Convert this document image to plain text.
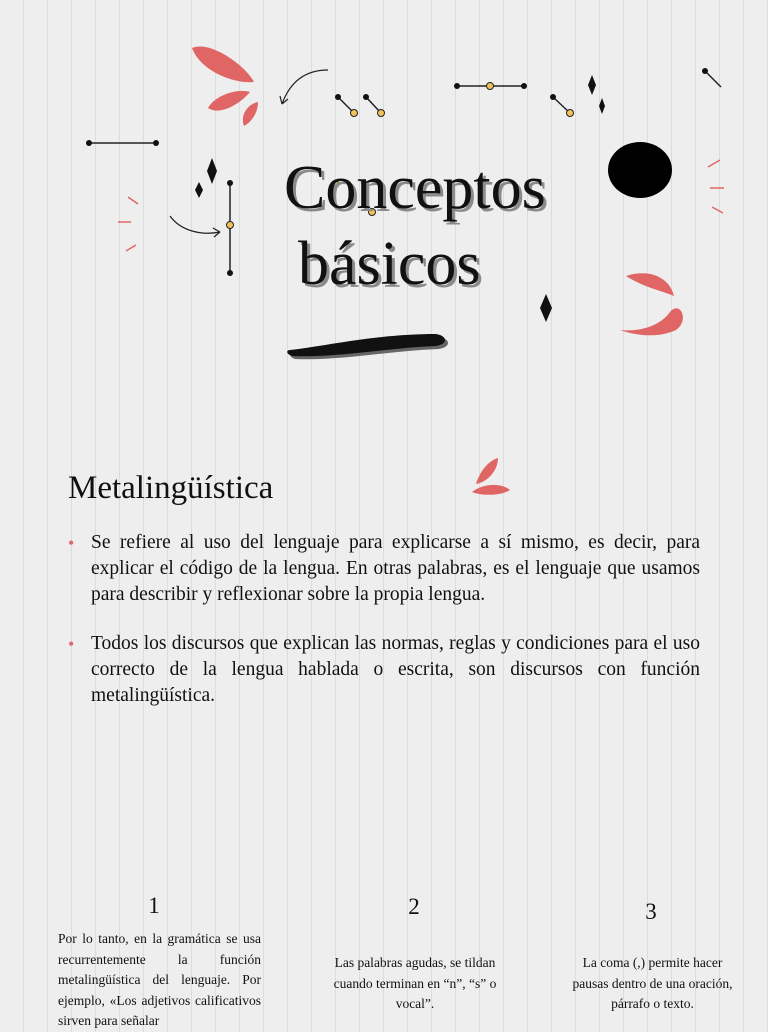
Conceptos
básicos
Metalingüística
• Se refiere al uso del lenguaje para explicarse a sí mismo, es decir, para explicar el código de la lengua. En otras palabras, es el lenguaje que usamos para describir y reflexionar sobre la propia lengua.
• Todos los discursos que explican las normas, reglas y condiciones para el uso correcto de la lengua hablada o escrita, son discursos con función metalingüística.
1
Por lo tanto, en la gramática se usa recurrentemente la función metalingüística del lenguaje. Por ejemplo, «Los adjetivos calificativos sirven para señalar
2
Las palabras agudas, se tildan cuando terminan en “n”, “s” o vocal”.
3
La coma (,) permite hacer pausas dentro de una oración, párrafo o texto.
